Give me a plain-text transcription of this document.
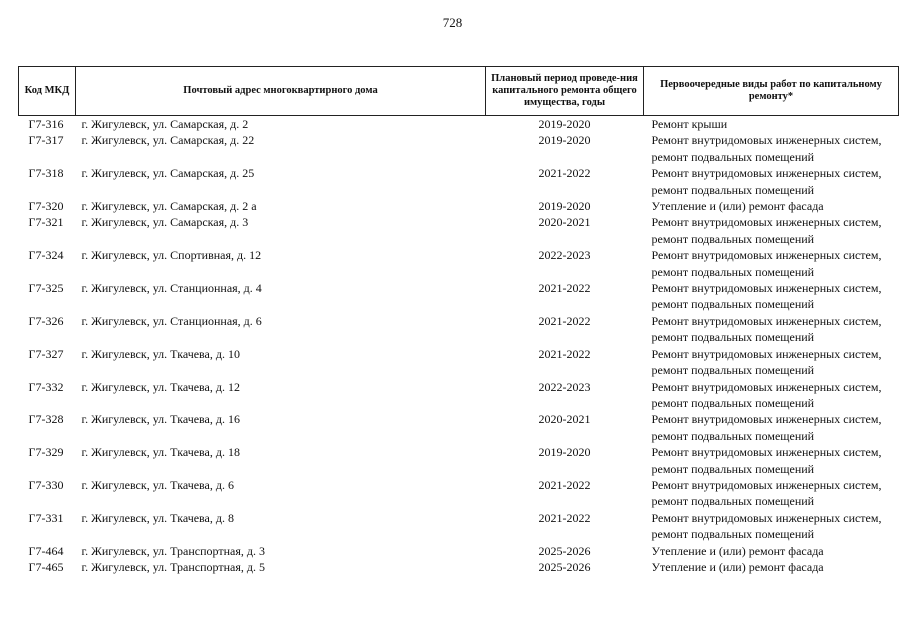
728
Код МКД	Почтовый адрес многоквартирного дома	Плановый период проведе-ния капитального ремонта общего имущества, годы	Первоочередные виды работ по капитальному ремонту*
Г7-316	г. Жигулевск, ул. Самарская, д. 2	2019-2020	Ремонт крыши

Г7-317	г. Жигулевск, ул. Самарская, д. 22	2019-2020	Ремонт внутридомовых инженерных систем,
ремонт подвальных помещений

Г7-318	г. Жигулевск, ул. Самарская, д. 25	2021-2022	Ремонт внутридомовых инженерных систем,
ремонт подвальных помещений

Г7-320	г. Жигулевск, ул. Самарская, д. 2 а	2019-2020	Утепление и (или) ремонт фасада

Г7-321	г. Жигулевск, ул. Самарская, д. 3	2020-2021	Ремонт внутридомовых инженерных систем,
ремонт подвальных помещений

Г7-324	г. Жигулевск, ул. Спортивная, д. 12	2022-2023	Ремонт внутридомовых инженерных систем,
ремонт подвальных помещений

Г7-325	г. Жигулевск, ул. Станционная, д. 4	2021-2022	Ремонт внутридомовых инженерных систем,
ремонт подвальных помещений

Г7-326	г. Жигулевск, ул. Станционная, д. 6	2021-2022	Ремонт внутридомовых инженерных систем,
ремонт подвальных помещений

Г7-327	г. Жигулевск, ул. Ткачева, д. 10	2021-2022	Ремонт внутридомовых инженерных систем,
ремонт подвальных помещений

Г7-332	г. Жигулевск, ул. Ткачева, д. 12	2022-2023	Ремонт внутридомовых инженерных систем,
ремонт подвальных помещений

Г7-328	г. Жигулевск, ул. Ткачева, д. 16	2020-2021	Ремонт внутридомовых инженерных систем,
ремонт подвальных помещений

Г7-329	г. Жигулевск, ул. Ткачева, д. 18	2019-2020	Ремонт внутридомовых инженерных систем,
ремонт подвальных помещений

Г7-330	г. Жигулевск, ул. Ткачева, д. 6	2021-2022	Ремонт внутридомовых инженерных систем,
ремонт подвальных помещений

Г7-331	г. Жигулевск, ул. Ткачева, д. 8	2021-2022	Ремонт внутридомовых инженерных систем,
ремонт подвальных помещений

Г7-464	г. Жигулевск, ул. Транспортная, д. 3	2025-2026	Утепление и (или) ремонт фасада

Г7-465	г. Жигулевск, ул. Транспортная, д. 5	2025-2026	Утепление и (или) ремонт фасада
